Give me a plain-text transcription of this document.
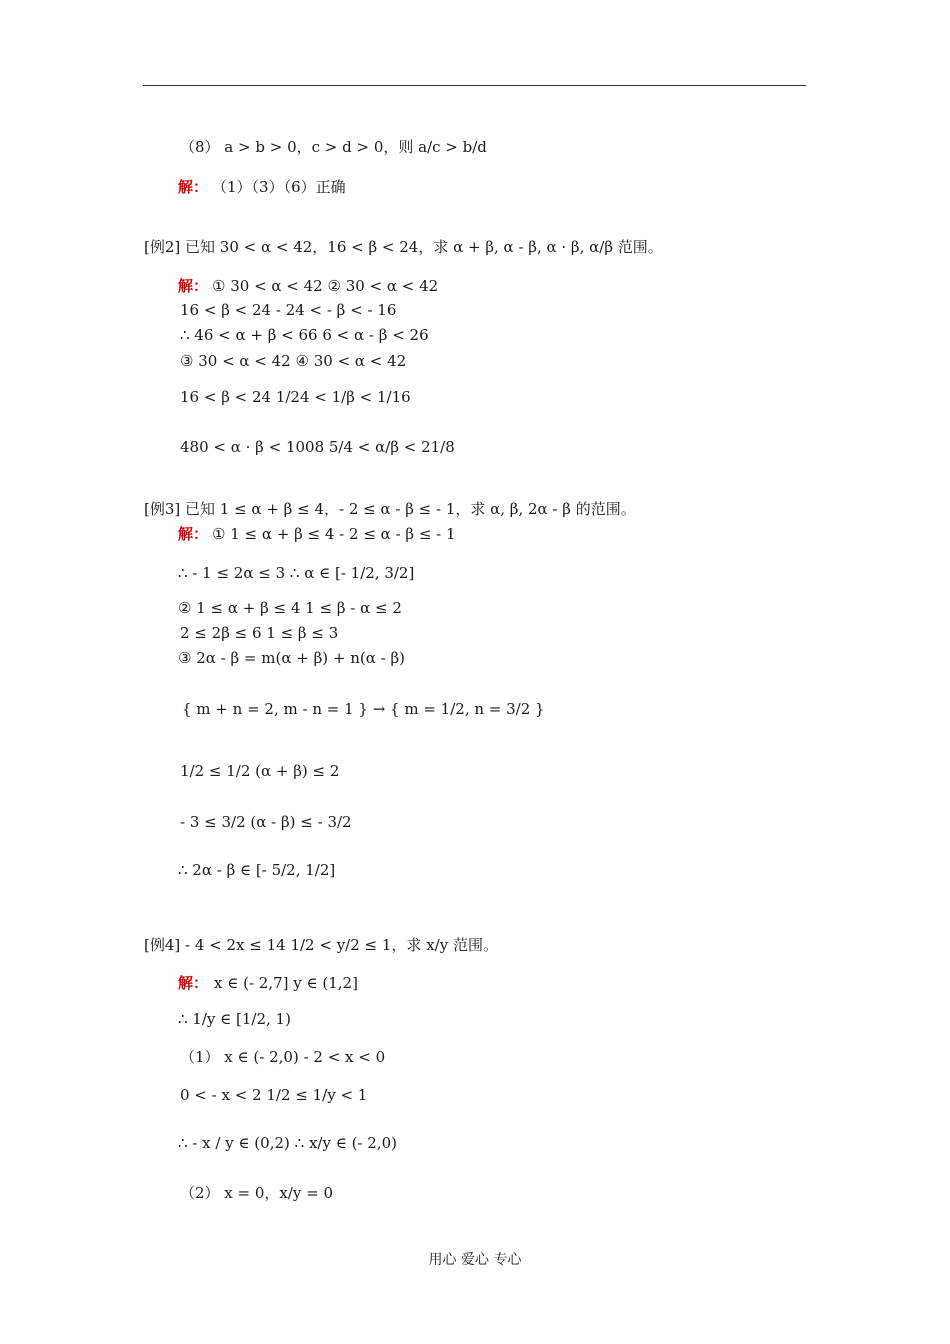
（8） a > b > 0，c > d > 0，则 a/c > b/d
解： （1）（3）（6）正确
[例2] 已知 30 < α < 42，16 < β < 24，求 α + β, α - β, α · β, α/β 范围。
解： ① 30 < α < 42 ② 30 < α < 42
16 < β < 24 - 24 < - β < - 16
∴ 46 < α + β < 66 6 < α - β < 26
③ 30 < α < 42 ④ 30 < α < 42
16 < β < 24 1/24 < 1/β < 1/16
480 < α · β < 1008 5/4 < α/β < 21/8
[例3] 已知 1 ≤ α + β ≤ 4，- 2 ≤ α - β ≤ - 1，求 α, β, 2α - β 的范围。
解： ① 1 ≤ α + β ≤ 4 - 2 ≤ α - β ≤ - 1
∴ - 1 ≤ 2α ≤ 3 ∴ α ∈ [- 1/2, 3/2]
② 1 ≤ α + β ≤ 4 1 ≤ β - α ≤ 2
2 ≤ 2β ≤ 6 1 ≤ β ≤ 3
③ 2α - β = m(α + β) + n(α - β)
{ m + n = 2, m - n = 1 } → { m = 1/2, n = 3/2 }
1/2 ≤ 1/2 (α + β) ≤ 2
- 3 ≤ 3/2 (α - β) ≤ - 3/2
∴ 2α - β ∈ [- 5/2, 1/2]
[例4] - 4 < 2x ≤ 14 1/2 < y/2 ≤ 1，求 x/y 范围。
解： x ∈ (- 2,7] y ∈ (1,2]
∴ 1/y ∈ [1/2, 1)
（1） x ∈ (- 2,0) - 2 < x < 0
0 < - x < 2 1/2 ≤ 1/y < 1
∴ - x / y ∈ (0,2) ∴ x/y ∈ (- 2,0)
（2） x = 0，x/y = 0
用心 爱心 专心
